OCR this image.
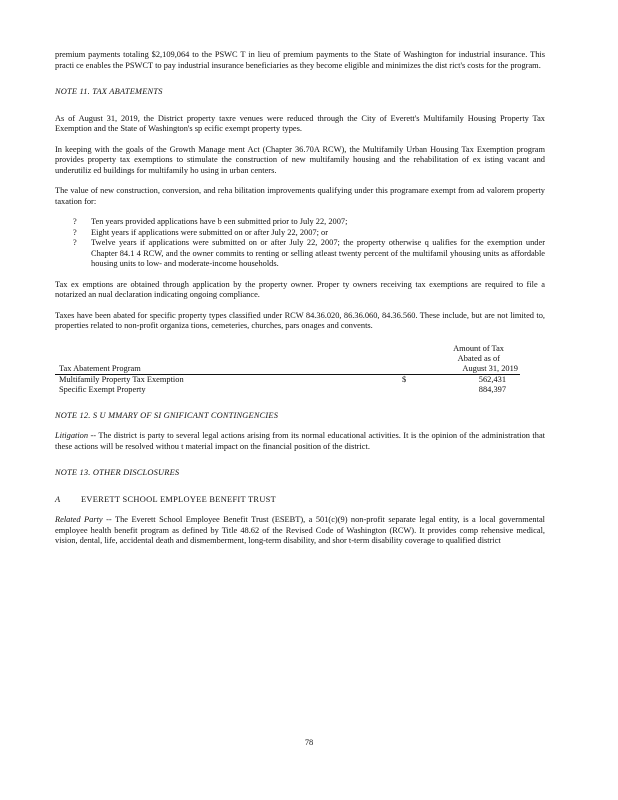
premium payments totaling $2,109,064 to the PSWC T in lieu of premium payments to the State of Washington for industrial insurance. This practi ce enables the PSWCT to pay industrial insurance beneficiaries as they become eligible and minimizes the dist rict's costs for the program.

NOTE 11. TAX ABATEMENTS

As of August 31, 2019, the District property taxre venues were reduced through the City of Everett's Multifamily Housing Property Tax Exemption and the State of Washington's sp ecific exempt property types.

In keeping with the goals of the Growth Manage ment Act (Chapter 36.70A RCW), the Multifamily Urban Housing Tax Exemption program provides property tax exemptions to stimulate the construction of new multifamily housing and the rehabilitation of ex isting vacant and underutiliz ed buildings for multifamily ho using in urban centers.

The value of new construction, conversion, and reha bilitation improvements qualifying under this programare exempt from ad valorem property taxation for:

? Ten years provided applications have b een submitted prior to July 22, 2007;
? Eight years if applications were submitted on or after July 22, 2007; or
? Twelve years if applications were submitted on or after July 22, 2007; the property otherwise q ualifies for the exemption under Chapter 84.1 4 RCW, and the owner commits to renting or selling atleast twenty percent of the multifamil yhousing units as affordable housing units to low- and moderate-income households.

Tax ex emptions are obtained through application by the property owner. Proper ty owners receiving tax exemptions are required to file a notarized an nual declaration indicating ongoing compliance.

Taxes have been abated for specific property types classified under RCW 84.36.020, 86.36.060, 84.36.560. These include, but are not limited to, properties related to non-profit organiza tions, cemeteries, churches, pars onages and convents.

	Amount of Tax
	Abated as of
Tax Abatement Program	August 31, 2019
Multifamily Property Tax Exemption	$ 562,431

Specific Exempt Property	884,397

NOTE 12. S U MMARY OF SI GNIFICANT CONTINGENCIES

Litigation -- The district is party to several legal actions arising from its normal educational activities. It is the opinion of the administration that these actions will be resolved withou t material impact on the financial position of the district.

NOTE 13. OTHER DISCLOSURES

A EVERETT SCHOOL EMPLOYEE BENEFIT TRUST

Related Party -- The Everett School Employee Benefit Trust (ESEBT), a 501(c)(9) non-profit separate legal entity, is a local governmental employee health benefit program as defined by Title 48.62 of the Revised Code of Washington (RCW). It provides comp rehensive medical, vision, dental, life, accidental death and dismemberment, long-term disability, and shor t-term disability coverage to qualified district

78
